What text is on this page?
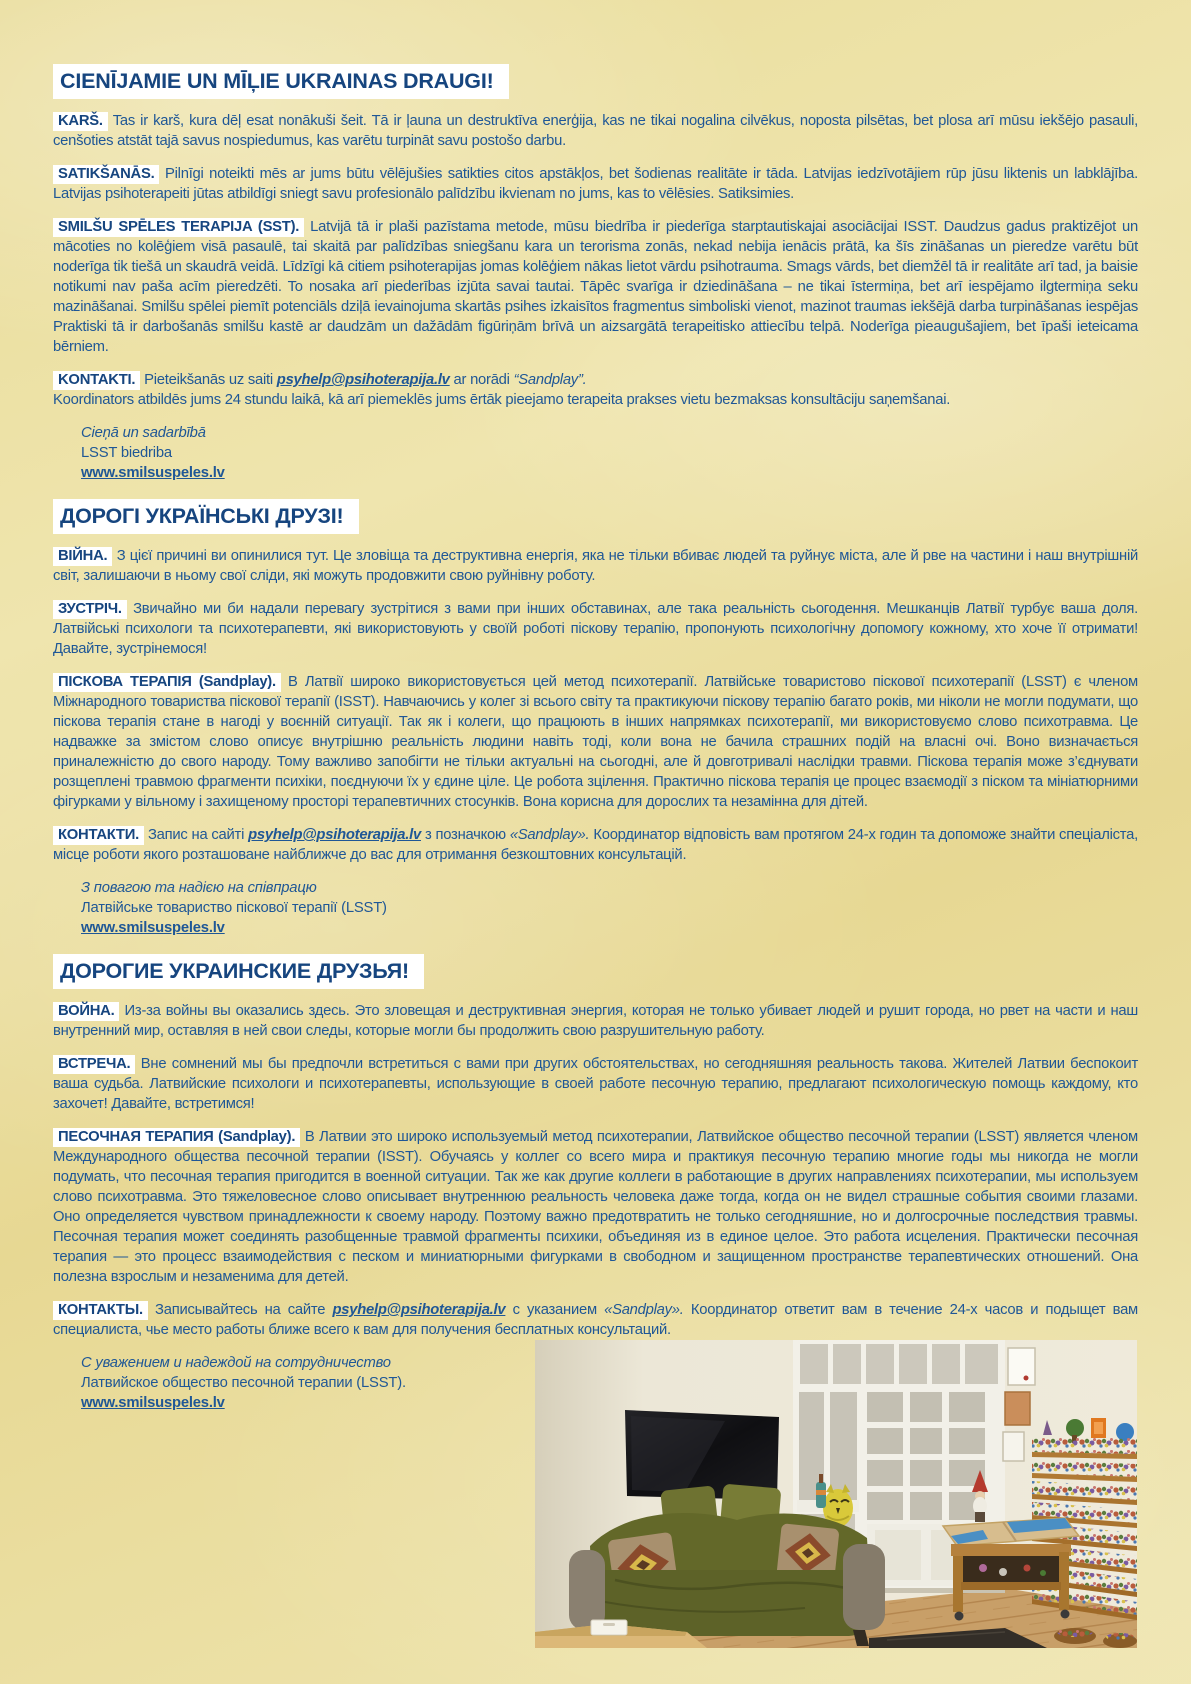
CIENĪJAMIE UN MĪĻIE UKRAINAS DRAUGI!

KARŠ. Tas ir karš, kura dēļ esat nonākuši šeit. Tā ir ļauna un destruktīva enerģija, kas ne tikai nogalina cilvēkus, noposta pilsētas, bet plosa arī mūsu iekšējo pasauli, cenšoties atstāt tajā savus nospiedumus, kas varētu turpināt savu postošo darbu.

SATIKŠANĀS. Pilnīgi noteikti mēs ar jums būtu vēlējušies satikties citos apstākļos, bet šodienas realitāte ir tāda. Latvijas iedzīvotājiem rūp jūsu liktenis un labklājība. Latvijas psihoterapeiti jūtas atbildīgi sniegt savu profesionālo palīdzību ikvienam no jums, kas to vēlēsies. Satiksimies.

SMILŠU SPĒLES TERAPIJA (SST). Latvijā tā ir plaši pazīstama metode, mūsu biedrība ir piederīga starptautiskajai asociācijai ISST. Daudzus gadus praktizējot un mācoties no kolēģiem visā pasaulē, tai skaitā par palīdzības sniegšanu kara un terorisma zonās, nekad nebija ienācis prātā, ka šīs zināšanas un pieredze varētu būt noderīga tik tiešā un skaudrā veidā. Līdzīgi kā citiem psihoterapijas jomas kolēģiem nākas lietot vārdu psihotrauma. Smags vārds, bet diemžēl tā ir realitāte arī tad, ja baisie notikumi nav paša acīm pieredzēti. To nosaka arī piederības izjūta savai tautai. Tāpēc svarīga ir dziedināšana – ne tikai īstermiņa, bet arī iespējamo ilgtermiņa seku mazināšanai. Smilšu spēlei piemīt potenciāls dziļā ievainojuma skartās psihes izkaisītos fragmentus simboliski vienot, mazinot traumas iekšējā darba turpināšanas iespējas Praktiski tā ir darbošanās smilšu kastē ar daudzām un dažādām figūriņām brīvā un aizsargātā terapeitisko attiecību telpā. Noderīga pieaugušajiem, bet īpaši ieteicama bērniem.

KONTAKTI. Pieteikšanās uz saiti psyhelp@psihoterapija.lv ar norādi “Sandplay”.
Koordinators atbildēs jums 24 stundu laikā, kā arī piemeklēs jums ērtāk pieejamo terapeita prakses vietu bezmaksas konsultāciju saņemšanai.

Cieņā un sadarbībā
LSST biedriba
www.smilsuspeles.lv
ДОРОГІ УКРАЇНСЬКІ ДРУЗІ!

ВІЙНА. З цієї причині ви опинилися тут. Це зловіща та деструктивна енергія, яка не тільки вбиває людей та руйнує міста, але й рве на частини і наш внутрішній світ, залишаючи в ньому свої сліди, які можуть продовжити свою руйнівну роботу.

ЗУСТРІЧ. Звичайно ми би надали перевагу зустрітися з вами при інших обставинах, але така реальність сьогодення. Мешканців Латвії турбує ваша доля. Латвійські психологи та психотерапевти, які використовують у своїй роботі піскову терапію, пропонують психологічну допомогу кожному, хто хоче її отримати! Давайте, зустрінемося!

ПІСКОВА ТЕРАПІЯ (Sandplay). В Латвії широко використовується цей метод психотерапії. Латвійське товаристово піскової психотерапії (LSST) є членом Міжнародного товариства піскової терапії (ISST). Навчаючись у колег зі всього світу та практикуючи піскову терапію багато років, ми ніколи не могли подумати, що піскова терапія стане в нагоді у воєнній ситуації. Так як і колеги, що працюють в інших напрямках психотерапії, ми використовуємо слово психотравма. Це надважке за змістом слово описує внутрішню реальність людини навіть тоді, коли вона не бачила страшних подій на власні очі. Воно визначається приналежністю до свого народу. Тому важливо запобігти не тільки актуальні на сьогодні, але й довготривалі наслідки травми. Піскова терапія може з’єднувати розщеплені травмою фрагменти психіки, поєднуючи їх у єдине ціле. Це робота зцілення. Практично піскова терапія це процес взаємодії з піском та мініатюрними фігурками у вільному і захищеному просторі терапевтичних стосунків. Вона корисна для дорослих та незамінна для дітей.

КОНТАКТИ. Запис на сайті psyhelp@psihoterapija.lv з позначкою «Sandplay». Координатор відповість вам протягом 24-х годин та допоможе знайти спеціаліста, місце роботи якого розташоване найближче до вас для отримання безкоштовних консультацій.

З повагою та надією на співпрацю
Латвійське товариство піскової терапії (LSST)
www.smilsuspeles.lv
ДОРОГИЕ УКРАИНСКИЕ ДРУЗЬЯ!

ВОЙНА. Из-за войны вы оказались здесь. Это зловещая и деструктивная энергия, которая не только убивает людей и рушит города, но рвет на части и наш внутренний мир, оставляя в ней свои следы, которые могли бы продолжить свою разрушительную работу.

ВСТРЕЧА. Вне сомнений мы бы предпочли встретиться с вами при других обстоятельствах, но сегодняшняя реальность такова. Жителей Латвии беспокоит ваша судьба. Латвийские психологи и психотерапевты, использующие в своей работе песочную терапию, предлагают психологическую помощь каждому, кто захочет! Давайте, встретимся!

ПЕСОЧНАЯ ТЕРАПИЯ (Sandplay). В Латвии это широко используемый метод психотерапии, Латвийское общество песочной терапии (LSST) является членом Международного общества песочной терапии (ISST). Обучаясь у коллег со всего мира и практикуя песочную терапию многие годы мы никогда не могли подумать, что песочная терапия пригодится в военной ситуации. Так же как другие коллеги в работающие в других направлениях психотерапии, мы используем слово психотравма. Это тяжеловесное слово описывает внутреннюю реальность человека даже тогда, когда он не видел страшные события своими глазами. Оно определяется чувством принадлежности к своему народу. Поэтому важно предотвратить не только сегодняшние, но и долгосрочные последствия травмы. Песочная терапия может соединять разобщенные травмой фрагменты психики, объединяя из в единое целое. Это работа исцеления. Практически песочная терапия — это процесс взаимодействия с песком и миниатюрными фигурками в свободном и защищенном пространстве терапевтических отношений. Она полезна взрослым и незаменима для детей.

КОНТАКТЫ. Записывайтесь на сайте psyhelp@psihoterapija.lv с указанием «Sandplay». Координатор ответит вам в течение 24-х часов и подыщет вам специалиста, чье место работы ближе всего к вам для получения бесплатных консультаций.

С уважением и надеждой на сотрудничество
Латвийское общество песочной терапии (LSST).
www.smilsuspeles.lv
